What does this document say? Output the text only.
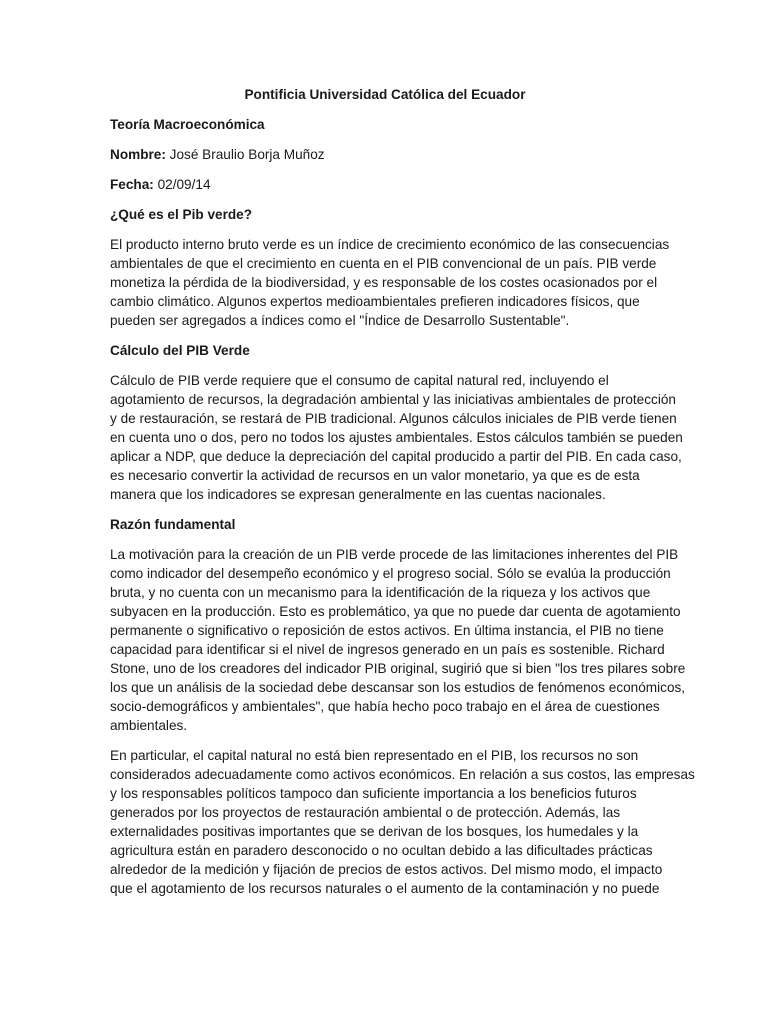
Pontificia Universidad Católica del Ecuador
Teoría Macroeconómica
Nombre: José Braulio Borja Muñoz
Fecha: 02/09/14
¿Qué es el Pib verde?
El producto interno bruto verde es un índice de crecimiento económico de las consecuencias
ambientales de que el crecimiento en cuenta en el PIB convencional de un país. PIB verde
monetiza la pérdida de la biodiversidad, y es responsable de los costes ocasionados por el
cambio climático. Algunos expertos medioambientales prefieren indicadores físicos, que
pueden ser agregados a índices como el "Índice de Desarrollo Sustentable".
Cálculo del PIB Verde
Cálculo de PIB verde requiere que el consumo de capital natural red, incluyendo el
agotamiento de recursos, la degradación ambiental y las iniciativas ambientales de protección
y de restauración, se restará de PIB tradicional. Algunos cálculos iniciales de PIB verde tienen
en cuenta uno o dos, pero no todos los ajustes ambientales. Estos cálculos también se pueden
aplicar a NDP, que deduce la depreciación del capital producido a partir del PIB. En cada caso,
es necesario convertir la actividad de recursos en un valor monetario, ya que es de esta
manera que los indicadores se expresan generalmente en las cuentas nacionales.
Razón fundamental
La motivación para la creación de un PIB verde procede de las limitaciones inherentes del PIB
como indicador del desempeño económico y el progreso social. Sólo se evalúa la producción
bruta, y no cuenta con un mecanismo para la identificación de la riqueza y los activos que
subyacen en la producción. Esto es problemático, ya que no puede dar cuenta de agotamiento
permanente o significativo o reposición de estos activos. En última instancia, el PIB no tiene
capacidad para identificar si el nivel de ingresos generado en un país es sostenible. Richard
Stone, uno de los creadores del indicador PIB original, sugirió que si bien "los tres pilares sobre
los que un análisis de la sociedad debe descansar son los estudios de fenómenos económicos,
socio-demográficos y ambientales", que había hecho poco trabajo en el área de cuestiones
ambientales.
En particular, el capital natural no está bien representado en el PIB, los recursos no son
considerados adecuadamente como activos económicos. En relación a sus costos, las empresas
y los responsables políticos tampoco dan suficiente importancia a los beneficios futuros
generados por los proyectos de restauración ambiental o de protección. Además, las
externalidades positivas importantes que se derivan de los bosques, los humedales y la
agricultura están en paradero desconocido o no ocultan debido a las dificultades prácticas
alrededor de la medición y fijación de precios de estos activos. Del mismo modo, el impacto
que el agotamiento de los recursos naturales o el aumento de la contaminación y no puede
